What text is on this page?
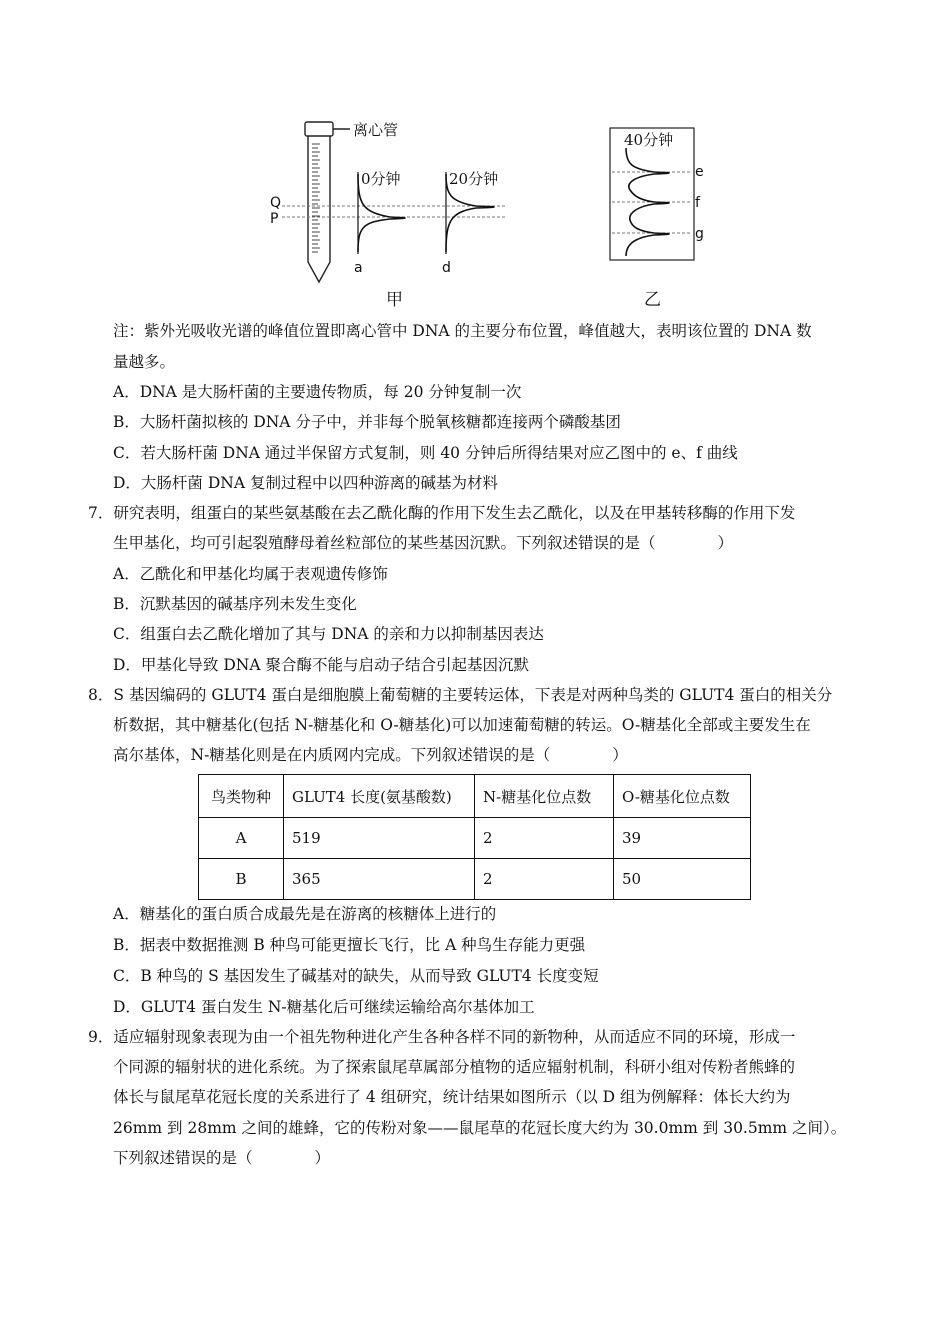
离心管
Q
P
0分钟
a
20分钟
d
40分钟
e
f
g
甲	乙
注：紫外光吸收光谱的峰值位置即离心管中 DNA 的主要分布位置，峰值越大，表明该位置的 DNA 数
量越多。
A．DNA 是大肠杆菌的主要遗传物质，每 20 分钟复制一次
B．大肠杆菌拟核的 DNA 分子中，并非每个脱氧核糖都连接两个磷酸基团
C．若大肠杆菌 DNA 通过半保留方式复制，则 40 分钟后所得结果对应乙图中的 e、f 曲线
D．大肠杆菌 DNA 复制过程中以四种游离的碱基为材料
7．研究表明，组蛋白的某些氨基酸在去乙酰化酶的作用下发生去乙酰化，以及在甲基转移酶的作用下发
生甲基化，均可引起裂殖酵母着丝粒部位的某些基因沉默。下列叙述错误的是（　　　　）
A．乙酰化和甲基化均属于表观遗传修饰
B．沉默基因的碱基序列未发生变化
C．组蛋白去乙酰化增加了其与 DNA 的亲和力以抑制基因表达
D．甲基化导致 DNA 聚合酶不能与启动子结合引起基因沉默
8．S 基因编码的 GLUT4 蛋白是细胞膜上葡萄糖的主要转运体，下表是对两种鸟类的 GLUT4 蛋白的相关分
析数据，其中糖基化(包括 N-糖基化和 O-糖基化)可以加速葡萄糖的转运。O-糖基化全部或主要发生在
高尔基体，N-糖基化则是在内质网内完成。下列叙述错误的是（　　　　）
鸟类物种	GLUT4 长度(氨基酸数)	N-糖基化位点数	O-糖基化位点数
A	519	2	39
B	365	2	50
A．糖基化的蛋白质合成最先是在游离的核糖体上进行的
B．据表中数据推测 B 种鸟可能更擅长飞行，比 A 种鸟生存能力更强
C．B 种鸟的 S 基因发生了碱基对的缺失，从而导致 GLUT4 长度变短
D．GLUT4 蛋白发生 N-糖基化后可继续运输给高尔基体加工
9．适应辐射现象表现为由一个祖先物种进化产生各种各样不同的新物种，从而适应不同的环境，形成一
个同源的辐射状的进化系统。为了探索鼠尾草属部分植物的适应辐射机制，科研小组对传粉者熊蜂的
体长与鼠尾草花冠长度的关系进行了 4 组研究，统计结果如图所示（以 D 组为例解释：体长大约为
26mm 到 28mm 之间的雄蜂，它的传粉对象——鼠尾草的花冠长度大约为 30.0mm 到 30.5mm 之间）。
下列叙述错误的是（　　　　）
